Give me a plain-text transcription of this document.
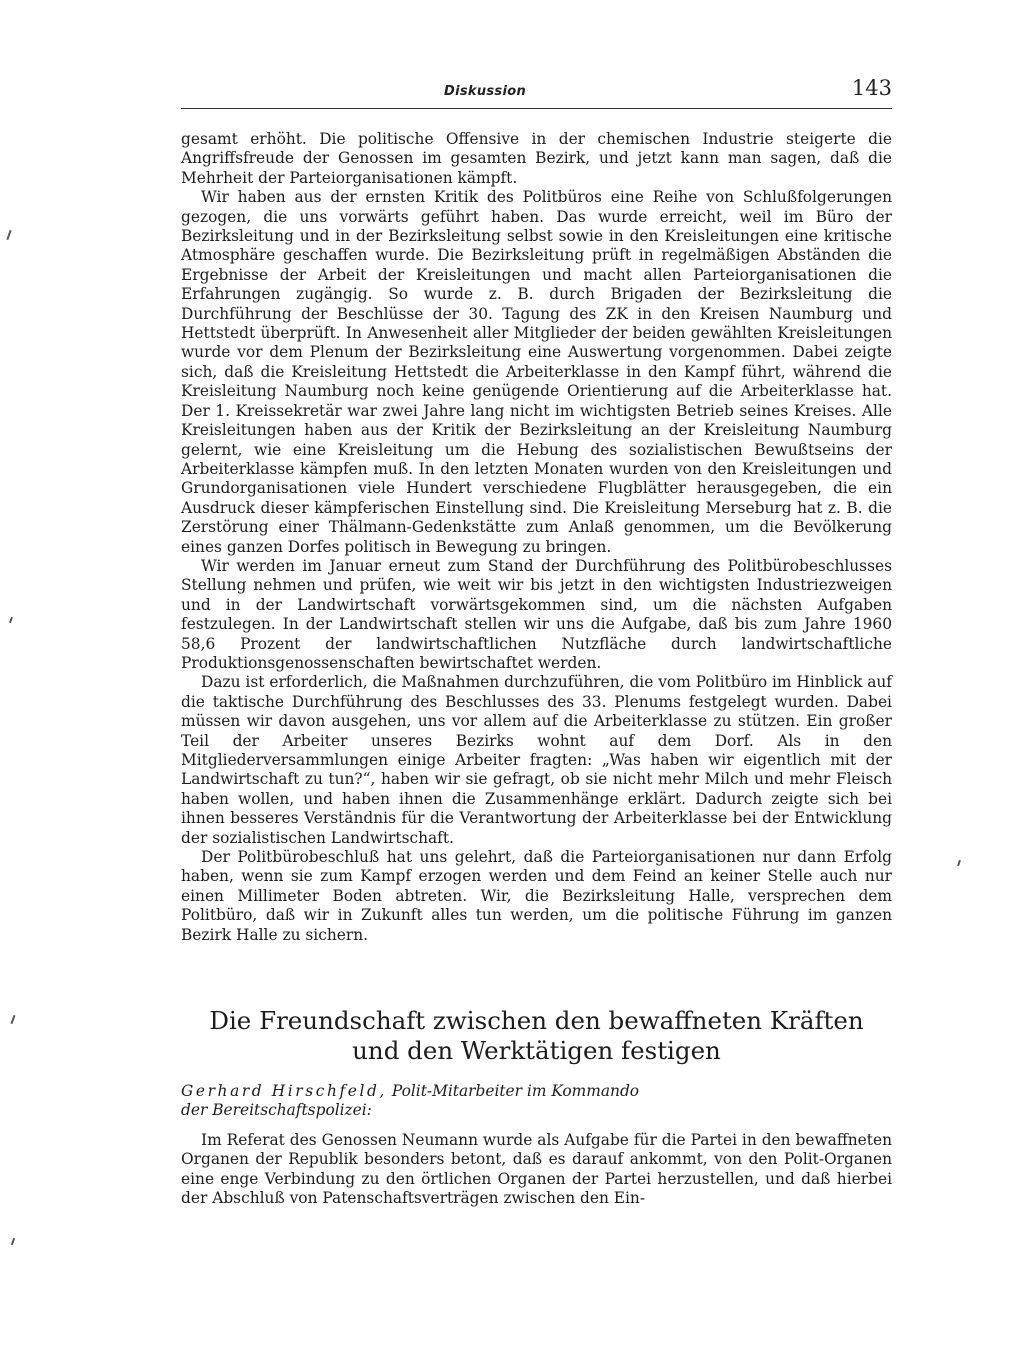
Diskussion	143

gesamt erhöht. Die politische Offensive in der chemischen Industrie steigerte die Angriffsfreude der Genossen im gesamten Bezirk, und jetzt kann man sagen, daß die Mehrheit der Parteiorganisationen kämpft.

Wir haben aus der ernsten Kritik des Politbüros eine Reihe von Schlußfolgerungen gezogen, die uns vorwärts geführt haben. Das wurde erreicht, weil im Büro der Bezirksleitung und in der Bezirksleitung selbst sowie in den Kreisleitungen eine kritische Atmosphäre geschaffen wurde. Die Bezirksleitung prüft in regelmäßigen Abständen die Ergebnisse der Arbeit der Kreisleitungen und macht allen Parteiorganisationen die Erfahrungen zugängig. So wurde z. B. durch Brigaden der Bezirksleitung die Durchführung der Beschlüsse der 30. Tagung des ZK in den Kreisen Naumburg und Hettstedt überprüft. In Anwesenheit aller Mitglieder der beiden gewählten Kreisleitungen wurde vor dem Plenum der Bezirksleitung eine Auswertung vorgenommen. Dabei zeigte sich, daß die Kreisleitung Hettstedt die Arbeiterklasse in den Kampf führt, während die Kreisleitung Naumburg noch keine genügende Orientierung auf die Arbeiterklasse hat. Der 1. Kreissekretär war zwei Jahre lang nicht im wichtigsten Betrieb seines Kreises. Alle Kreisleitungen haben aus der Kritik der Bezirksleitung an der Kreisleitung Naumburg gelernt, wie eine Kreisleitung um die Hebung des sozialistischen Bewußtseins der Arbeiterklasse kämpfen muß. In den letzten Monaten wurden von den Kreisleitungen und Grundorganisationen viele Hundert verschiedene Flugblätter herausgegeben, die ein Ausdruck dieser kämpferischen Einstellung sind. Die Kreisleitung Merseburg hat z. B. die Zerstörung einer Thälmann-Gedenkstätte zum Anlaß genommen, um die Bevölkerung eines ganzen Dorfes politisch in Bewegung zu bringen.

Wir werden im Januar erneut zum Stand der Durchführung des Politbürobeschlusses Stellung nehmen und prüfen, wie weit wir bis jetzt in den wichtigsten Industriezweigen und in der Landwirtschaft vorwärtsgekommen sind, um die nächsten Aufgaben festzulegen. In der Landwirtschaft stellen wir uns die Aufgabe, daß bis zum Jahre 1960 58,6 Prozent der landwirtschaftlichen Nutzfläche durch landwirtschaftliche Produktionsgenossenschaften bewirtschaftet werden.

Dazu ist erforderlich, die Maßnahmen durchzuführen, die vom Politbüro im Hinblick auf die taktische Durchführung des Beschlusses des 33. Plenums festgelegt wurden. Dabei müssen wir davon ausgehen, uns vor allem auf die Arbeiterklasse zu stützen. Ein großer Teil der Arbeiter unseres Bezirks wohnt auf dem Dorf. Als in den Mitgliederversammlungen einige Arbeiter fragten: „Was haben wir eigentlich mit der Landwirtschaft zu tun?“, haben wir sie gefragt, ob sie nicht mehr Milch und mehr Fleisch haben wollen, und haben ihnen die Zusammenhänge erklärt. Dadurch zeigte sich bei ihnen besseres Verständnis für die Verantwortung der Arbeiterklasse bei der Entwicklung der sozialistischen Landwirtschaft.

Der Politbürobeschluß hat uns gelehrt, daß die Parteiorganisationen nur dann Erfolg haben, wenn sie zum Kampf erzogen werden und dem Feind an keiner Stelle auch nur einen Millimeter Boden abtreten. Wir, die Bezirksleitung Halle, versprechen dem Politbüro, daß wir in Zukunft alles tun werden, um die politische Führung im ganzen Bezirk Halle zu sichern.

Die Freundschaft zwischen den bewaffneten Kräften
und den Werktätigen festigen
Gerhard Hirschfeld, Polit-Mitarbeiter im Kommando
der Bereitschaftspolizei:

Im Referat des Genossen Neumann wurde als Aufgabe für die Partei in den bewaffneten Organen der Republik besonders betont, daß es darauf ankommt, von den Polit-Organen eine enge Verbindung zu den örtlichen Organen der Partei herzustellen, und daß hierbei der Abschluß von Patenschaftsverträgen zwischen den Ein-
